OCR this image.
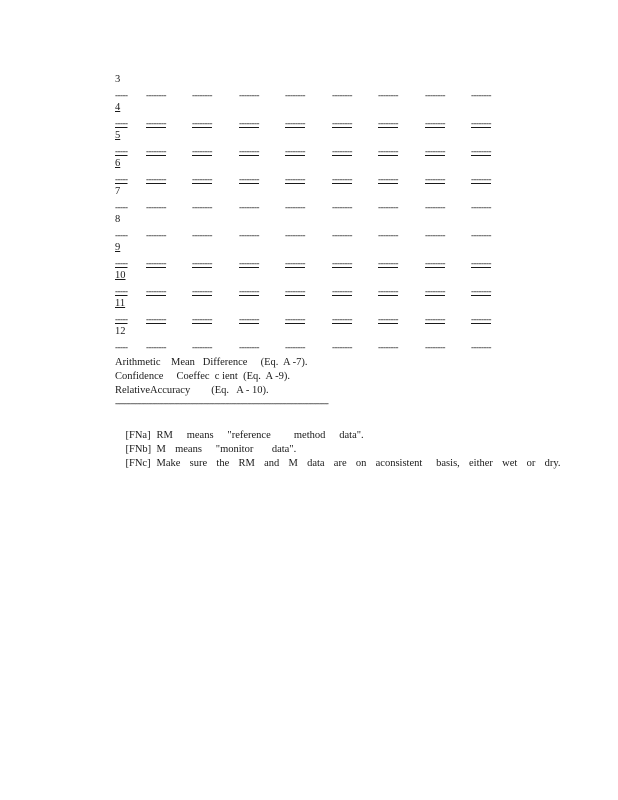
3
----- --------	--------	--------	--------	--------	--------	--------	--------
4
----- --------	--------	--------	--------	--------	--------	--------	--------
5
----- --------	--------	--------	--------	--------	--------	--------	--------
6
----- --------	--------	--------	--------	--------	--------	--------	--------
7
----- --------	--------	--------	--------	--------	--------	--------	--------
8
----- --------	--------	--------	--------	--------	--------	--------	--------
9
----- --------	--------	--------	--------	--------	--------	--------	--------
10
----- --------	--------	--------	--------	--------	--------	--------	--------
11
----- --------	--------	--------	--------	--------	--------	--------	--------
12
----- --------	--------	--------	--------	--------	--------	--------	--------
Arithmetic    Mean   Difference     (Eq.  A -7).
Confidence     Coeffec  c ient  (Eq.  A -9).
RelativeAccuracy        (Eq.   A - 10).
-------------------------------------------------------------------------------------------------

[FNa] RM   means   "reference     method   data".

[FNb] M  means   "monitor    data".

[FNc] Make  sure  the  RM  and  M  data  are  on  aconsistent   basis,  either  wet  or  dry.
